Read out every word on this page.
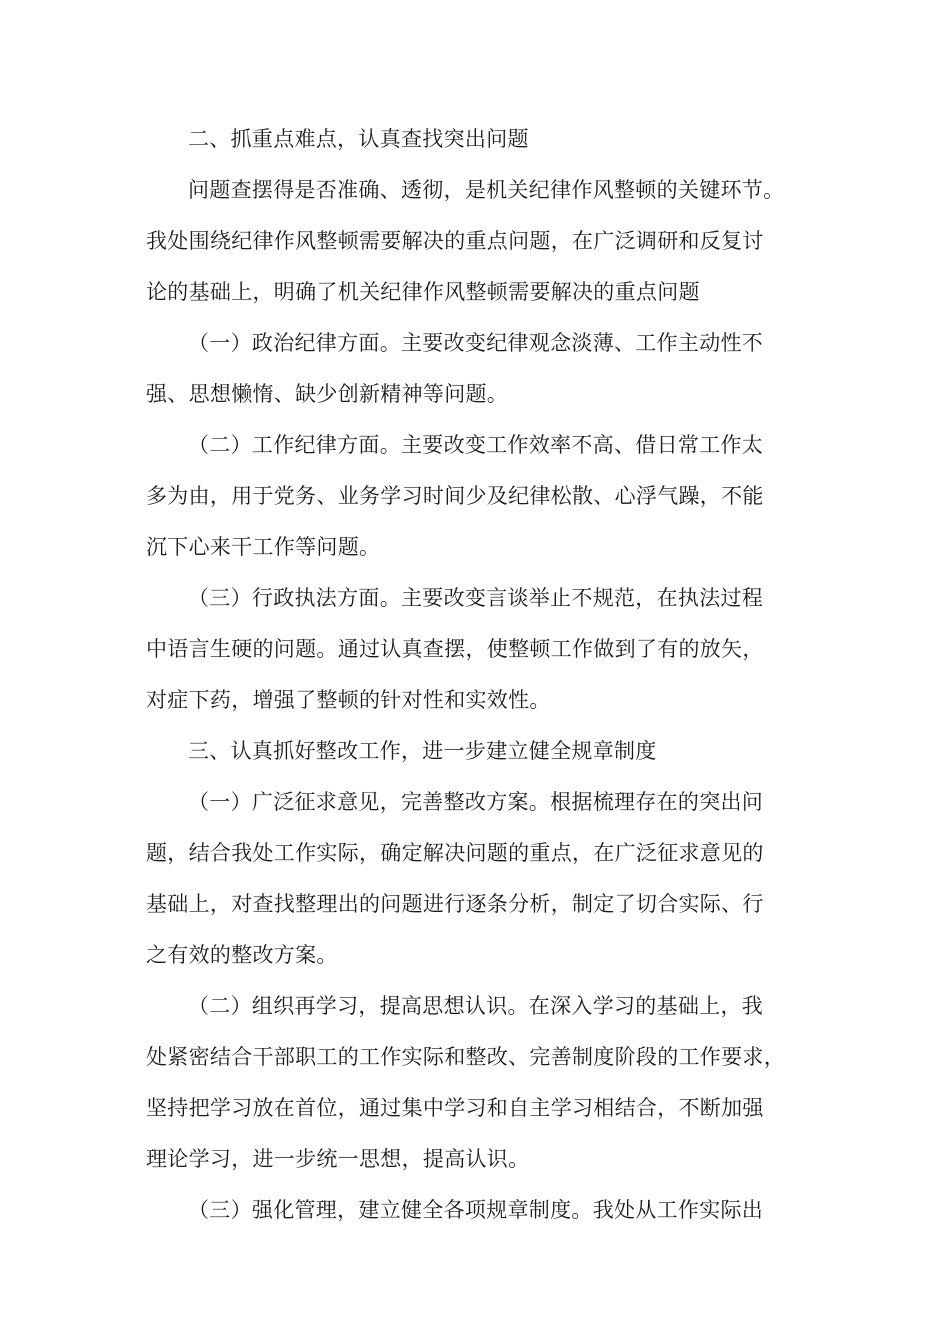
二、抓重点难点，认真查找突出问题
问题查摆得是否准确、透彻，是机关纪律作风整顿的关键环节。
我处围绕纪律作风整顿需要解决的重点问题，在广泛调研和反复讨
论的基础上，明确了机关纪律作风整顿需要解决的重点问题
（一）政治纪律方面。主要改变纪律观念淡薄、工作主动性不
强、思想懒惰、缺少创新精神等问题。
（二）工作纪律方面。主要改变工作效率不高、借日常工作太
多为由，用于党务、业务学习时间少及纪律松散、心浮气躁，不能
沉下心来干工作等问题。
（三）行政执法方面。主要改变言谈举止不规范，在执法过程
中语言生硬的问题。通过认真查摆，使整顿工作做到了有的放矢，
对症下药，增强了整顿的针对性和实效性。
三、认真抓好整改工作，进一步建立健全规章制度
（一）广泛征求意见，完善整改方案。根据梳理存在的突出问
题，结合我处工作实际，确定解决问题的重点，在广泛征求意见的
基础上，对查找整理出的问题进行逐条分析，制定了切合实际、行
之有效的整改方案。
（二）组织再学习，提高思想认识。在深入学习的基础上，我
处紧密结合干部职工的工作实际和整改、完善制度阶段的工作要求，
坚持把学习放在首位，通过集中学习和自主学习相结合，不断加强
理论学习，进一步统一思想，提高认识。
（三）强化管理，建立健全各项规章制度。我处从工作实际出
